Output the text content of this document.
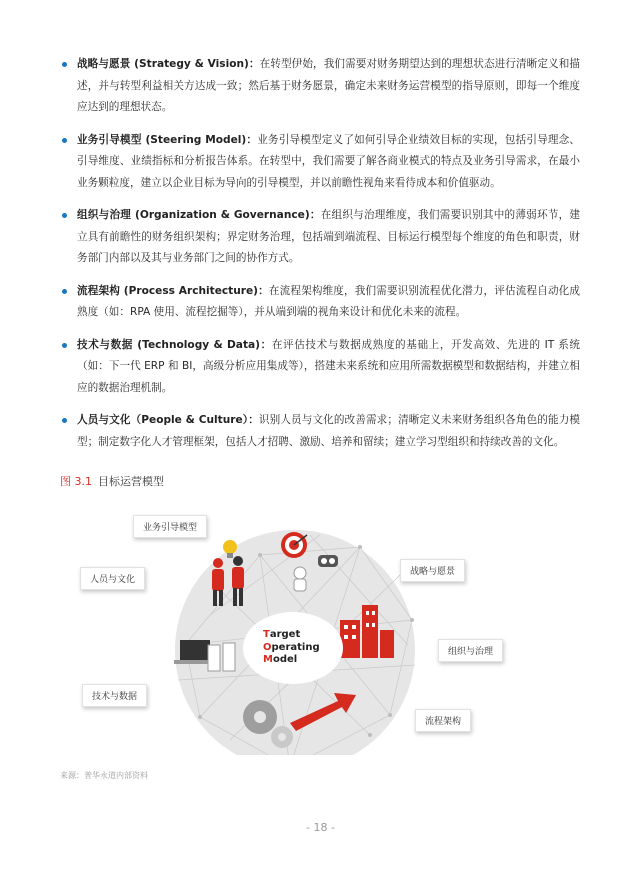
战略与愿景 (Strategy & Vision)：在转型伊始，我们需要对财务期望达到的理想状态进行清晰定义和描述，并与转型利益相关方达成一致；然后基于财务愿景，确定未来财务运营模型的指导原则，即每一个维度应达到的理想状态。
业务引导模型 (Steering Model)：业务引导模型定义了如何引导企业绩效目标的实现，包括引导理念、引导维度、业绩指标和分析报告体系。在转型中，我们需要了解各商业模式的特点及业务引导需求，在最小业务颗粒度，建立以企业目标为导向的引导模型，并以前瞻性视角来看待成本和价值驱动。
组织与治理 (Organization & Governance)：在组织与治理维度，我们需要识别其中的薄弱环节，建立具有前瞻性的财务组织架构；界定财务治理，包括端到端流程、目标运行模型每个维度的角色和职责，财务部门内部以及其与业务部门之间的协作方式。
流程架构 (Process Architecture)：在流程架构维度，我们需要识别流程优化潜力，评估流程自动化成熟度（如：RPA 使用、流程挖掘等），并从端到端的视角来设计和优化未来的流程。
技术与数据 (Technology & Data)：在评估技术与数据成熟度的基础上，开发高效、先进的 IT 系统（如：下一代 ERP 和 BI，高级分析应用集成等），搭建未来系统和应用所需数据模型和数据结构，并建立相应的数据治理机制。
人员与文化（People & Culture）：识别人员与文化的改善需求；清晰定义未来财务组织各角色的能力模型；制定数字化人才管理框架，包括人才招聘、激励、培养和留续；建立学习型组织和持续改善的文化。
图 3.1 目标运营模型
Target
Operating
Model
业务引导模型
战略与愿景
人员与文化
组织与治理
技术与数据
流程架构
来源：普华永道内部资料
- 18 -
